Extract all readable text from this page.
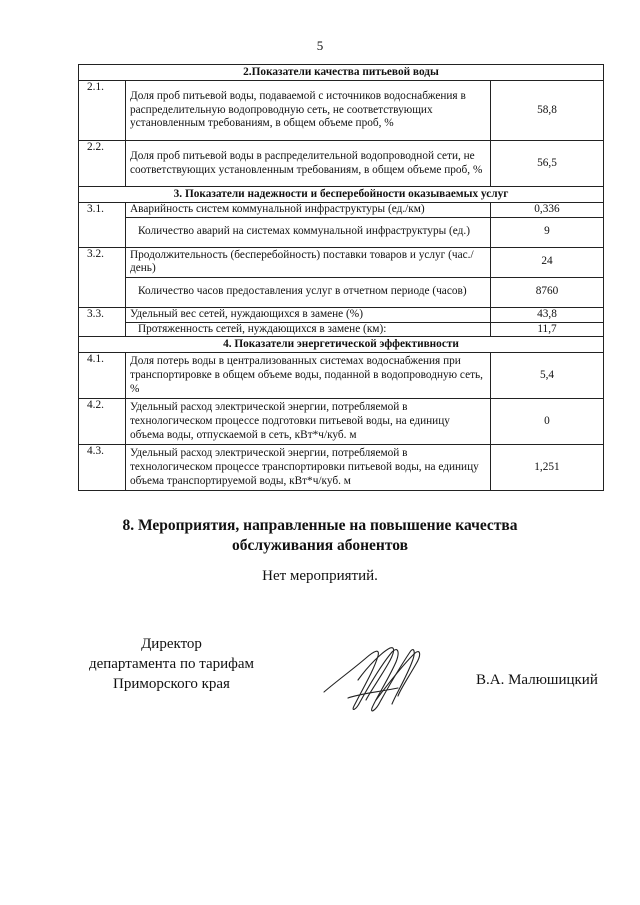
5
2.Показатели качества питьевой воды		
2.1.	Доля проб питьевой воды, подаваемой с источников водоснабжения в распределительную водопроводную сеть, не соответствующих установленным требованиям, в общем объеме проб, %	58,8
2.2.	Доля проб питьевой воды в распределительной водопроводной сети, не соответствующих установленным требованиям, в общем объеме проб, %	56,5
3. Показатели надежности и бесперебойности оказываемых услуг		
3.1.	Аварийность систем коммунальной инфраструктуры (ед./км)	0,336
	Количество аварий на системах коммунальной инфраструктуры (ед.)	9
3.2.	Продолжительность (бесперебойность) поставки товаров и услуг (час./день)	24
	Количество часов предоставления услуг в отчетном периоде (часов)	8760
3.3.	Удельный вес сетей, нуждающихся в замене (%)	43,8
	Протяженность сетей, нуждающихся в замене (км):	11,7
4. Показатели энергетической эффективности		
4.1.	Доля потерь воды в централизованных системах водоснабжения при транспортировке в общем объеме воды, поданной в водопроводную сеть, %	5,4
4.2.	Удельный расход электрической энергии, потребляемой в технологическом процессе подготовки питьевой воды, на единицу объема воды, отпускаемой в сеть, кВт*ч/куб. м	0
4.3.	Удельный расход электрической энергии, потребляемой в технологическом процессе транспортировки питьевой воды, на единицу объема транспортируемой воды, кВт*ч/куб. м	1,251
8. Мероприятия, направленные на повышение качества
обслуживания абонентов
Нет мероприятий.
Директор
департамента по тарифам
Приморского края	В.А. Малюшицкий
